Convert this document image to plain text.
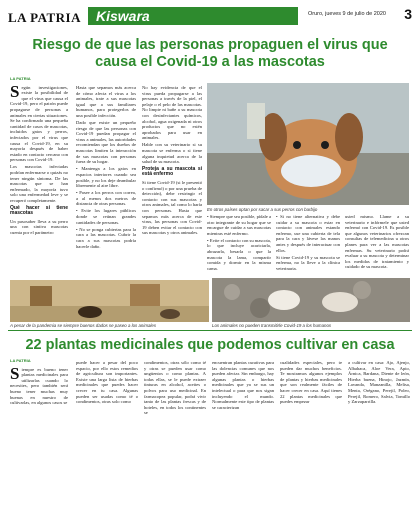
LA PATRIA	Kiswara	Oruro, jueves 9 de julio de 2020 3
Riesgo de que las personas propaguen el virus que causa el Covid-19 a las mascotas
LA PATRIA

Según investigaciones, existe la posibilidad de que el virus que causa el Covid-19, pero el patrón puede propagarse de personas a animales en ciertas situaciones. Se ha confirmado una pequeña cantidad de casos de mascotas, incluidos gatos y perros, infectados por el virus que causa el Covid-19, en su mayoría después de haber estado en contacto cercano con personas con Covid-19.

Los mascotas infectadas podrían enfermarse o quizás no tener ningún síntoma. De las mascotas que se han enfermado, la mayoría tuvo solo una enfermedad leve y se recuperó completamente.

Qué hacer si tiene mascotas

Un pasosaber lleva a su perro una con sintiva mascotas cuenta por el parámetro

Hasta que sepamos más acerca de cómo afecta el virus a los animales, trate a sus mascotas igual que a sus familiares humanos, para protegerlos de una posible infección.

Dado que existe un pequeño riesgo de que las personas con Covid-19 puedan propagar el virus a animales, las autoridades recomiendan que los dueños de mascotas limiten la interacción de sus mascotas con personas fuera de su hogar.

• Mantenga a los gatos en espacios interiores cuando sea posible, y no los deje deambular libremente al aire libre.

• Pasee a los perros con correa, a al menos dos metros de distancia de otras personas.

• Evite los lugares públicos donde se reúnan grandes cantidades de personas.

• No se ponga cubiertas para la cara a las mascotas. Cubrir la cara a sus mascotas podría hacerle daño.

No hay evidencia de que el virus pueda propagarse a las personas a través de la piel, el pelaje o el pelo de las mascotas. No limpie ni bañe a su mascota con desinfectantes químicos, alcohol, agua oxigenada ni otros productos que no estén aprobados para usar en animales.

Hable con su veterinario si su mascota se enferma o si tiene alguna inquietud acerca de la salud de su mascota.

Proteja a su mascota si está enfermo

Si tiene Covid-19 (si le presentó o confirmó) o por una prueba de detección), debe restringir el contacto con sus mascotas y otros animales, tal como lo haría con personas. Hasta que sepamos más acerca de este virus, las personas con Covid-19 deben evitar el contacto con sus mascotas y otros animales.

En otros países optan por sacar a sus perros con barbijo

• Siempre que sea posible, pídale a otro integrante de su hogar que se encargue de cuidar a sus mascotas mientras esté enfermo.

• Evite el contacto con su mascota, lo que incluye acariciarla, abrazarla, besarla o que la mascota la lama, compartir comida y dormir en la misma cama.

• Si no tiene alternativa y debe cuidar a su mascota o estar en contacto con animales estando enfermo, use una cubierta de tela para la cara y lávese las manos antes y después de interactuar con ellos.

Si tiene Covid-19 y su mascota se enferma, no la lleve a la clínica veterinaria.

usted mismo. Llame a su veterinario e infórmele que usted enfermó con Covid-19. Es posible que algunos veterinarios ofrezcan consultas de telemedicina u otros planes para ver a las mascotas enfermas. Su veterinario podrá evaluar a su mascota y determinar los medidas de tratamiento y cuidado de su mascota.

A pesar de la pandemia se siempre buenos dados se paseo a los animales	Los animales no pueden transmitirle Covid-19 a los humanos
22 plantas medicinales que podemos cultivar en casa
LA PATRIA

Siempre es bueno tener plantas medicinales para utilizarlas cuando lo necesites, pero también será bueno tener muchas muy buenas en nuestro de cultivarlas, en algunos casos se

puede hacer a pesar del poco espacio, por ello estos remedios de agricultura son importantes. Existe una larga lista de hierbas medicinales que puedes hacer crecer en tu casa. Algunas pueden ser usadas como té o condimentos, otras solo como

condimentos, otras sólo como té y otras se pueden usar como ungüentos o como plantas. A todas ellas, se le puede extraer tinturas en alcohol, aceites o polvos para uso medicinal. En farmacopea popular, podrá vivir tanto de las plantas frescas y de hoteles, en todos los continentes se

encuentran plantas curativas para las dolencias comunes que nos pueden afectar. Sin embargo, hay algunas plantas o hierbas medicinales que ya se sus un intelectual o para que nos sigan incluyendo el mundo. Normalmente este tipo de plantas se caracterizan

cualidades especiales, pero te pueden dar muchos beneficios. Te mostramos algunos ejemplos de plantas y hierbas medicinales que son realmente fáciles de hacer crecer en casa. Aquí tienes 22 plantas medicinales que puedes empezar

a cultivar en casa: Ajo, Ajenjo, Albahaca, Aloe Vera, Apio, Árnica, Bardana, Diente de león, Hierba buena, Hinojo, Jazmín, Lavanda, Manzanilla, Melisa, Menta, Orégano, Perejil, Poleo, Perejil, Romero, Salvia, Tomillo y Zarzaparrilla.
